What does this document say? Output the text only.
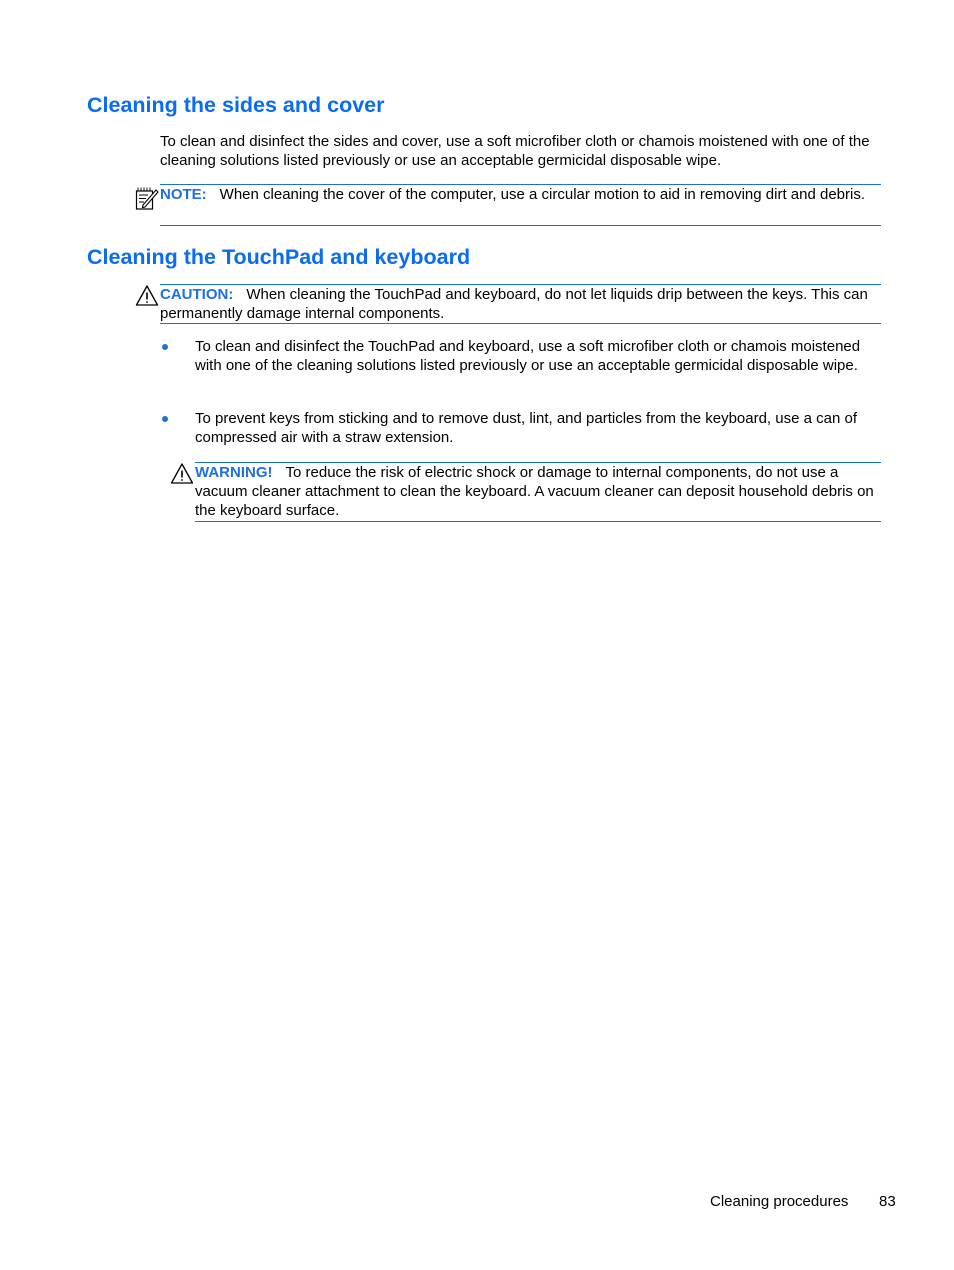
Cleaning the sides and cover

To clean and disinfect the sides and cover, use a soft microfiber cloth or chamois moistened with one of the cleaning solutions listed previously or use an acceptable germicidal disposable wipe.

NOTE: When cleaning the cover of the computer, use a circular motion to aid in removing dirt and debris.
Cleaning the TouchPad and keyboard
CAUTION: When cleaning the TouchPad and keyboard, do not let liquids drip between the keys. This can permanently damage internal components.

To clean and disinfect the TouchPad and keyboard, use a soft microfiber cloth or chamois moistened with one of the cleaning solutions listed previously or use an acceptable germicidal disposable wipe.

To prevent keys from sticking and to remove dust, lint, and particles from the keyboard, use a can of compressed air with a straw extension.

WARNING! To reduce the risk of electric shock or damage to internal components, do not use a vacuum cleaner attachment to clean the keyboard. A vacuum cleaner can deposit household debris on the keyboard surface.
Cleaning procedures 83
